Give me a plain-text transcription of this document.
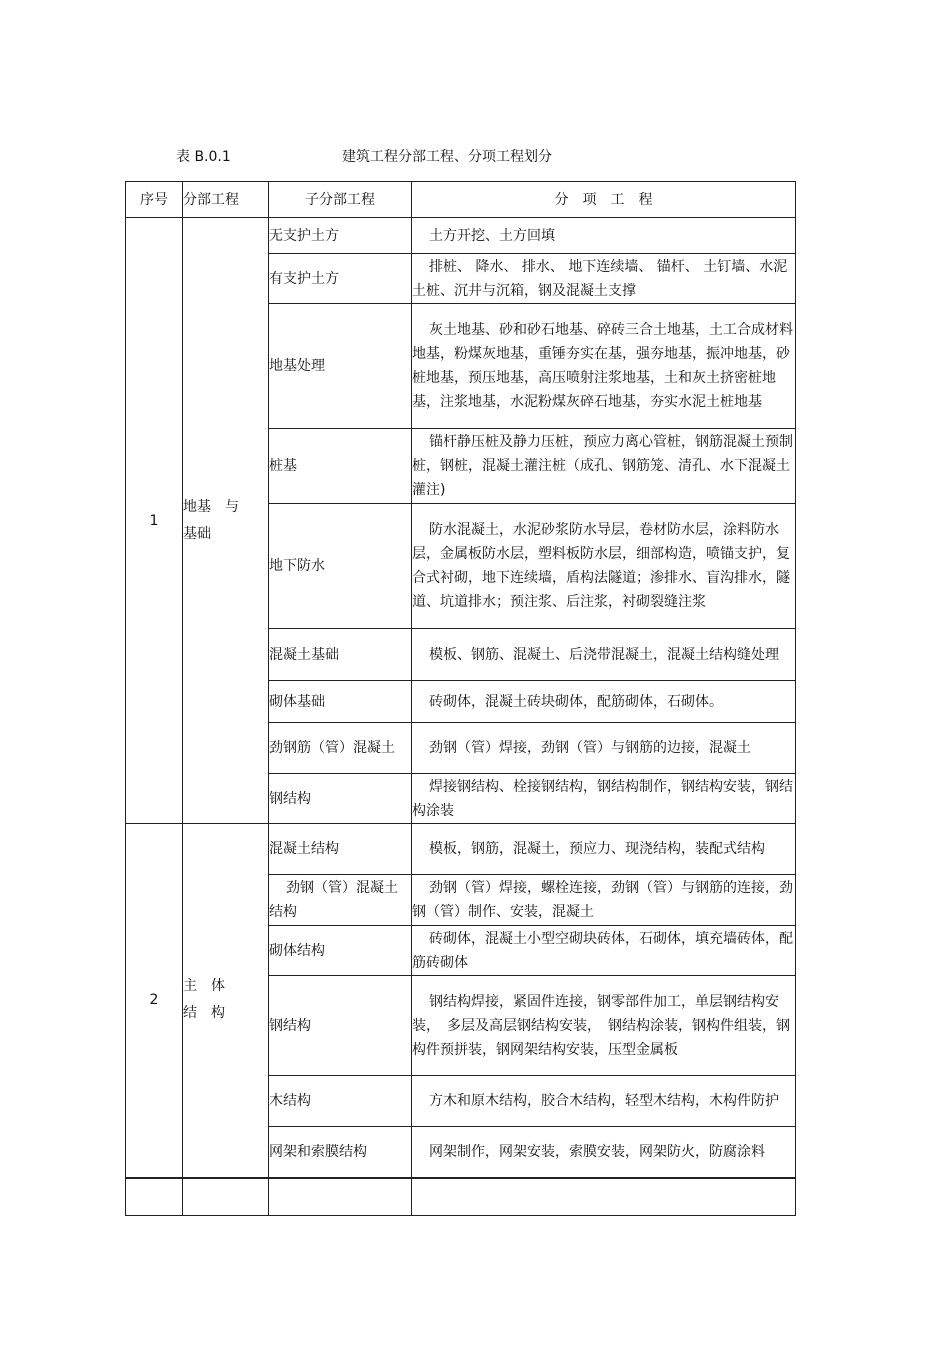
表 B.0.1	建筑工程分部工程、分项工程划分
序号	分部工程	子分部工程	分　项　工　程
1	地基　与　基础	无支护土方	土方开挖、土方回填
		有支护土方	排桩、 降水、 排水、 地下连续墙、 锚杆、 土钉墙、水泥土桩、沉井与沉箱，钢及混凝土支撑
		地基处理	灰土地基、砂和砂石地基、碎砖三合土地基，土工合成材料地基，粉煤灰地基，重锤夯实在基，强夯地基，振冲地基，砂桩地基，预压地基，高压喷射注浆地基，土和灰土挤密桩地基，注浆地基，水泥粉煤灰碎石地基，夯实水泥土桩地基
		桩基	锚杆静压桩及静力压桩，预应力离心管桩，钢筋混凝土预制桩，钢桩，混凝土灌注桩（成孔、钢筋笼、清孔、水下混凝土灌注)
		地下防水	防水混凝土，水泥砂浆防水导层，卷材防水层，涂料防水层，金属板防水层，塑料板防水层，细部构造，喷锚支护，复合式衬砌，地下连续墙，盾构法隧道；渗排水、盲沟排水，隧道、坑道排水；预注浆、后注浆，衬砌裂缝注浆
		混凝土基础	模板、钢筋、混凝土、后浇带混凝土，混凝土结构缝处理
		砌体基础	砖砌体，混凝土砖块砌体，配筋砌体，石砌体。
		劲钢筋（管）混凝土	劲钢（管）焊接，劲钢（管）与钢筋的边接，混凝土
		钢结构	焊接钢结构、栓接钢结构，钢结构制作，钢结构安装，钢结构涂装
2	主　体　结　构	混凝土结构	模板，钢筋，混凝土，预应力、现浇结构，装配式结构
		劲钢（管）混凝土结构	劲钢（管）焊接，螺栓连接，劲钢（管）与钢筋的连接，劲钢（管）制作、安装，混凝土
		砌体结构	砖砌体，混凝土小型空砌块砖体，石砌体，填充墙砖体，配筋砖砌体
		钢结构	钢结构焊接，紧固件连接，钢零部件加工，单层钢结构安装，　多层及高层钢结构安装，　钢结构涂装，钢构件组装，钢构件预拼装，钢网架结构安装，压型金属板
		木结构	方木和原木结构，胶合木结构，轻型木结构，木构件防护
		网架和索膜结构	网架制作，网架安装，索膜安装，网架防火，防腐涂料
